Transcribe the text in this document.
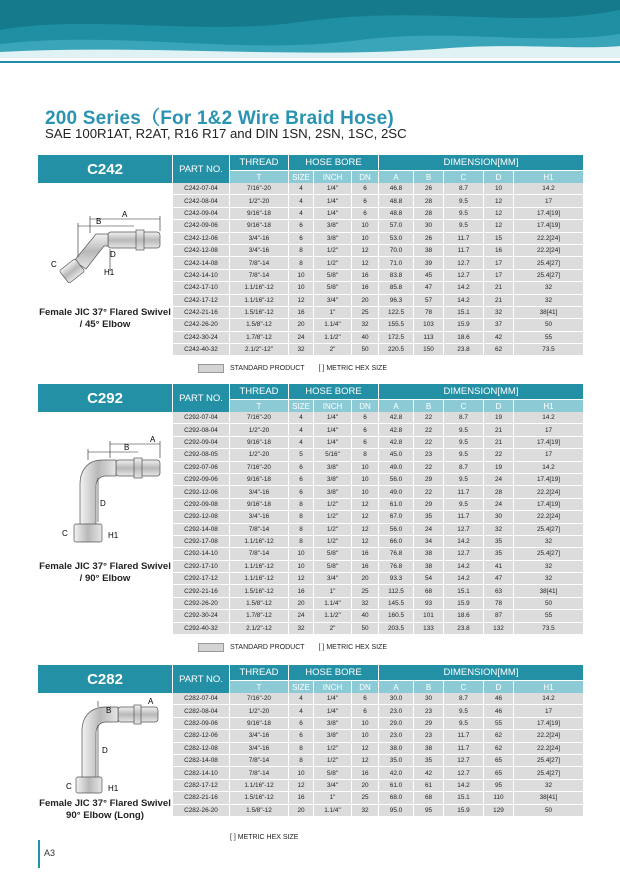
200 Series（For 1&2 Wire Braid Hose)
SAE 100R1AT, R2AT, R16 R17 and DIN 1SN, 2SN, 1SC, 2SC
C242	PART NO.
THREAD	HOSE BORE	DIMENSION[MM]
T	SIZE	INCH	DN	A	B	C	D	H1
A
B
C
D
H1
Female JIC 37° Flared Swivel / 45° Elbow
C242-07-04	7/16"-20	4	1/4"	6	46.8	26	8.7	10	14.2
C242-08-04	1/2"-20	4	1/4"	6	48.8	28	9.5	12	17
C242-09-04	9/16"-18	4	1/4"	6	48.8	28	9.5	12	17.4[19]
C242-09-06	9/16"-18	6	3/8"	10	57.0	30	9.5	12	17.4[19]
C242-12-06	3/4"-16	6	3/8"	10	53.0	26	11.7	15	22.2[24]
C242-12-08	3/4"-16	8	1/2"	12	70.0	38	11.7	16	22.2[24]
C242-14-08	7/8"-14	8	1/2"	12	71.0	39	12.7	17	25.4[27]
C242-14-10	7/8"-14	10	5/8"	16	83.8	45	12.7	17	25.4[27]
C242-17-10	1.1/16"-12	10	5/8"	16	85.8	47	14.2	21	32
C242-17-12	1.1/16"-12	12	3/4"	20	96.3	57	14.2	21	32
C242-21-16	1.5/16"-12	16	1"	25	122.5	78	15.1	32	38[41]
C242-26-20	1.5/8"-12	20	1.1/4"	32	155.5	103	15.9	37	50
C242-30-24	1.7/8"-12	24	1.1/2"	40	172.5	113	18.6	42	55
C242-40-32	2.1/2"-12"	32	2"	50	220.5	150	23.8	62	73.5
STANDARD PRODUCT [ ] METRIC HEX SIZE
C292	PART NO.
THREAD	HOSE BORE	DIMENSION[MM]
T	SIZE	INCH	DN	A	B	C	D	H1
A
B
C
D
H1
Female JIC 37° Flared Swivel / 90° Elbow
C292-07-04	7/16"-20	4	1/4"	6	42.8	22	8.7	19	14.2
C292-08-04	1/2"-20	4	1/4"	6	42.8	22	9.5	21	17
C292-09-04	9/16"-18	4	1/4"	6	42.8	22	9.5	21	17.4[19]
C292-08-05	1/2"-20	5	5/16"	8	45.0	23	9.5	22	17
C292-07-06	7/16"-20	6	3/8"	10	49.0	22	8.7	19	14.2
C292-09-06	9/16"-18	6	3/8"	10	56.0	29	9.5	24	17.4[19]
C292-12-06	3/4"-16	6	3/8"	10	49.0	22	11.7	28	22.2[24]
C292-09-08	9/16"-18	8	1/2"	12	61.0	29	9.5	24	17.4[19]
C292-12-08	3/4"-16	8	1/2"	12	67.0	35	11.7	30	22.2[24]
C292-14-08	7/8"-14	8	1/2"	12	56.0	24	12.7	32	25.4[27]
C292-17-08	1.1/16"-12	8	1/2"	12	66.0	34	14.2	35	32
C292-14-10	7/8"-14	10	5/8"	16	76.8	38	12.7	35	25.4[27]
C292-17-10	1.1/16"-12	10	5/8"	16	76.8	38	14.2	41	32
C292-17-12	1.1/16"-12	12	3/4"	20	93.3	54	14.2	47	32
C292-21-16	1.5/16"-12	16	1"	25	112.5	68	15.1	63	38[41]
C292-26-20	1.5/8"-12	20	1.1/4"	32	145.5	93	15.9	78	50
C292-30-24	1.7/8"-12	24	1.1/2"	40	160.5	101	18.6	87	55
C292-40-32	2.1/2"-12	32	2"	50	203.5	133	23.8	132	73.5
STANDARD PRODUCT [ ] METRIC HEX SIZE
C282	PART NO.
THREAD	HOSE BORE	DIMENSION[MM]
T	SIZE	INCH	DN	A	B	C	D	H1
A
B
C
D
H1
Female JIC 37° Flared Swivel 90° Elbow (Long)
C282-07-04	7/16"-20	4	1/4"	6	30.0	30	8.7	46	14.2
C282-08-04	1/2"-20	4	1/4"	6	23.0	23	9.5	46	17
C282-09-06	9/16"-18	6	3/8"	10	29.0	29	9.5	55	17.4[19]
C282-12-06	3/4"-16	6	3/8"	10	23.0	23	11.7	62	22.2[24]
C282-12-08	3/4"-16	8	1/2"	12	38.0	38	11.7	62	22.2[24]
C282-14-08	7/8"-14	8	1/2"	12	35.0	35	12.7	65	25.4[27]
C282-14-10	7/8"-14	10	5/8"	16	42.0	42	12.7	65	25.4[27]
C282-17-12	1.1/16"-12	12	3/4"	20	61.0	61	14.2	95	32
C282-21-16	1.5/16"-12	16	1"	25	68.0	68	15.1	110	38[41]
C282-26-20	1.5/8"-12	20	1.1/4"	32	95.0	95	15.9	129	50
[ ] METRIC HEX SIZE
A3
